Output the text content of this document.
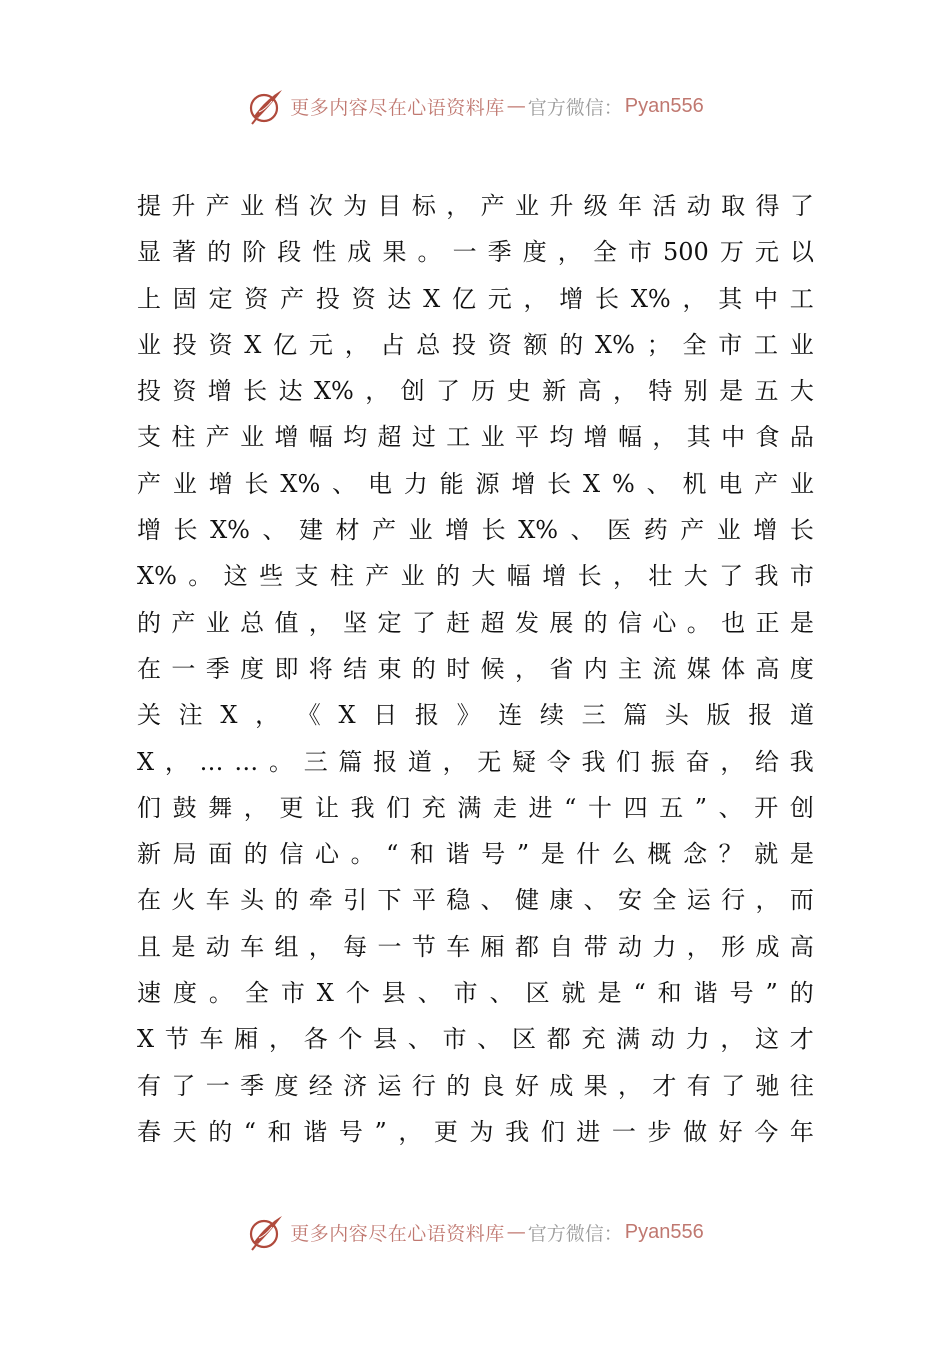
更多内容尽在心语资料库 — 官方微信： Pyan556
提 升 产 业 档 次 为 目 标 ， 产 业 升 级 年 活 动 取 得 了
显 著 的 阶 段 性 成 果 。 一 季 度 ， 全 市 500 万 元 以
上 固 定 资 产 投 资 达 X 亿 元 ， 增 长 X% ， 其 中 工
业 投 资 X 亿 元 ， 占 总 投 资 额 的 X% ； 全 市 工 业
投 资 增 长 达 X% ， 创 了 历 史 新 高 ， 特 别 是 五 大
支 柱 产 业 增 幅 均 超 过 工 业 平 均 增 幅 ， 其 中 食 品
产 业 增 长 X% 、 电 力 能 源 增 长 X % 、 机 电 产 业
增 长 X% 、 建 材 产 业 增 长 X% 、 医 药 产 业 增 长
X% 。 这 些 支 柱 产 业 的 大 幅 增 长 ， 壮 大 了 我 市
的 产 业 总 值 ， 坚 定 了 赶 超 发 展 的 信 心 。 也 正 是
在 一 季 度 即 将 结 束 的 时 候 ， 省 内 主 流 媒 体 高 度
关 注 X ， 《 X 日 报 》 连 续 三 篇 头 版 报 道
X ， … … 。 三 篇 报 道 ， 无 疑 令 我 们 振 奋 ， 给 我
们 鼓 舞 ， 更 让 我 们 充 满 走 进 “ 十 四 五 ” 、 开 创
新 局 面 的 信 心 。 “ 和 谐 号 ” 是 什 么 概 念 ？ 就 是
在 火 车 头 的 牵 引 下 平 稳 、 健 康 、 安 全 运 行 ， 而
且 是 动 车 组 ， 每 一 节 车 厢 都 自 带 动 力 ， 形 成 高
速 度 。 全 市 X 个 县 、 市 、 区 就 是 “ 和 谐 号 ” 的
X 节 车 厢 ， 各 个 县 、 市 、 区 都 充 满 动 力 ， 这 才
有 了 一 季 度 经 济 运 行 的 良 好 成 果 ， 才 有 了 驰 往
春 天 的 “ 和 谐 号 ” ， 更 为 我 们 进 一 步 做 好 今 年
更多内容尽在心语资料库 — 官方微信： Pyan556
